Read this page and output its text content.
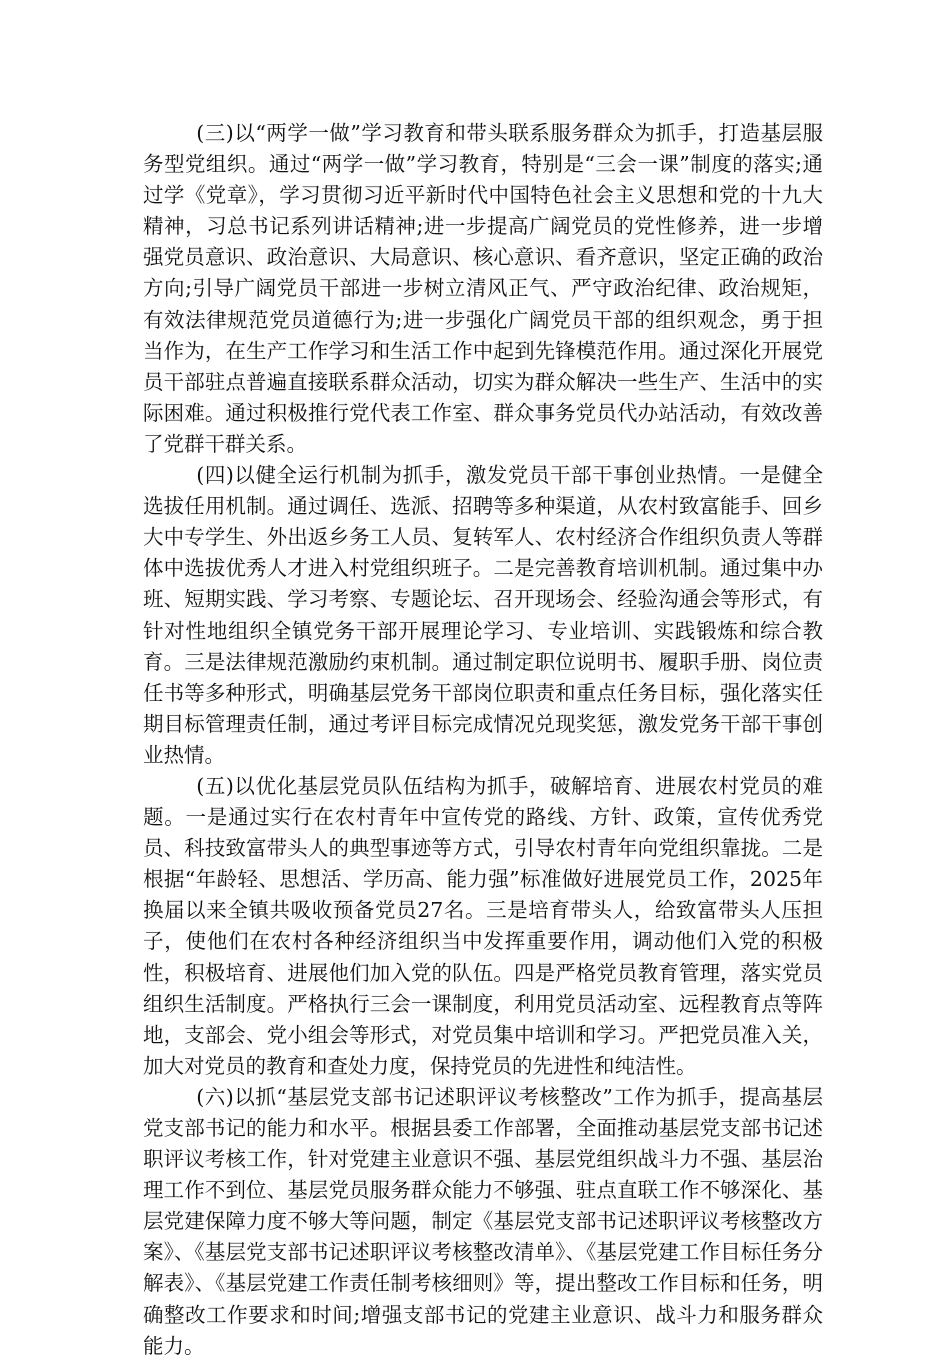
(三)以“两学一做”学习教育和带头联系服务群众为抓手，打造基层服务型党组织。通过“两学一做”学习教育，特别是“三会一课”制度的落实;通过学《党章》，学习贯彻习近平新时代中国特色社会主义思想和党的十九大精神，习总书记系列讲话精神;进一步提高广阔党员的党性修养，进一步增强党员意识、政治意识、大局意识、核心意识、看齐意识，坚定正确的政治方向;引导广阔党员干部进一步树立清风正气、严守政治纪律、政治规矩，有效法律规范党员道德行为;进一步强化广阔党员干部的组织观念，勇于担当作为，在生产工作学习和生活工作中起到先锋模范作用。通过深化开展党员干部驻点普遍直接联系群众活动，切实为群众解决一些生产、生活中的实际困难。通过积极推行党代表工作室、群众事务党员代办站活动，有效改善了党群干群关系。

(四)以健全运行机制为抓手，激发党员干部干事创业热情。一是健全选拔任用机制。通过调任、选派、招聘等多种渠道，从农村致富能手、回乡大中专学生、外出返乡务工人员、复转军人、农村经济合作组织负责人等群体中选拔优秀人才进入村党组织班子。二是完善教育培训机制。通过集中办班、短期实践、学习考察、专题论坛、召开现场会、经验沟通会等形式，有针对性地组织全镇党务干部开展理论学习、专业培训、实践锻炼和综合教育。三是法律规范激励约束机制。通过制定职位说明书、履职手册、岗位责任书等多种形式，明确基层党务干部岗位职责和重点任务目标，强化落实任期目标管理责任制，通过考评目标完成情况兑现奖惩，激发党务干部干事创业热情。

(五)以优化基层党员队伍结构为抓手，破解培育、进展农村党员的难题。一是通过实行在农村青年中宣传党的路线、方针、政策，宣传优秀党员、科技致富带头人的典型事迹等方式，引导农村青年向党组织靠拢。二是根据“年龄轻、思想活、学历高、能力强”标准做好进展党员工作，2025年换届以来全镇共吸收预备党员27名。三是培育带头人，给致富带头人压担子，使他们在农村各种经济组织当中发挥重要作用，调动他们入党的积极性，积极培育、进展他们加入党的队伍。四是严格党员教育管理，落实党员组织生活制度。严格执行三会一课制度，利用党员活动室、远程教育点等阵地，支部会、党小组会等形式，对党员集中培训和学习。严把党员准入关，加大对党员的教育和查处力度，保持党员的先进性和纯洁性。

(六)以抓“基层党支部书记述职评议考核整改”工作为抓手，提高基层党支部书记的能力和水平。根据县委工作部署，全面推动基层党支部书记述职评议考核工作，针对党建主业意识不强、基层党组织战斗力不强、基层治理工作不到位、基层党员服务群众能力不够强、驻点直联工作不够深化、基层党建保障力度不够大等问题，制定《基层党支部书记述职评议考核整改方案》、《基层党支部书记述职评议考核整改清单》、《基层党建工作目标任务分解表》、《基层党建工作责任制考核细则》等，提出整改工作目标和任务，明确整改工作要求和时间;增强支部书记的党建主业意识、战斗力和服务群众能力。
